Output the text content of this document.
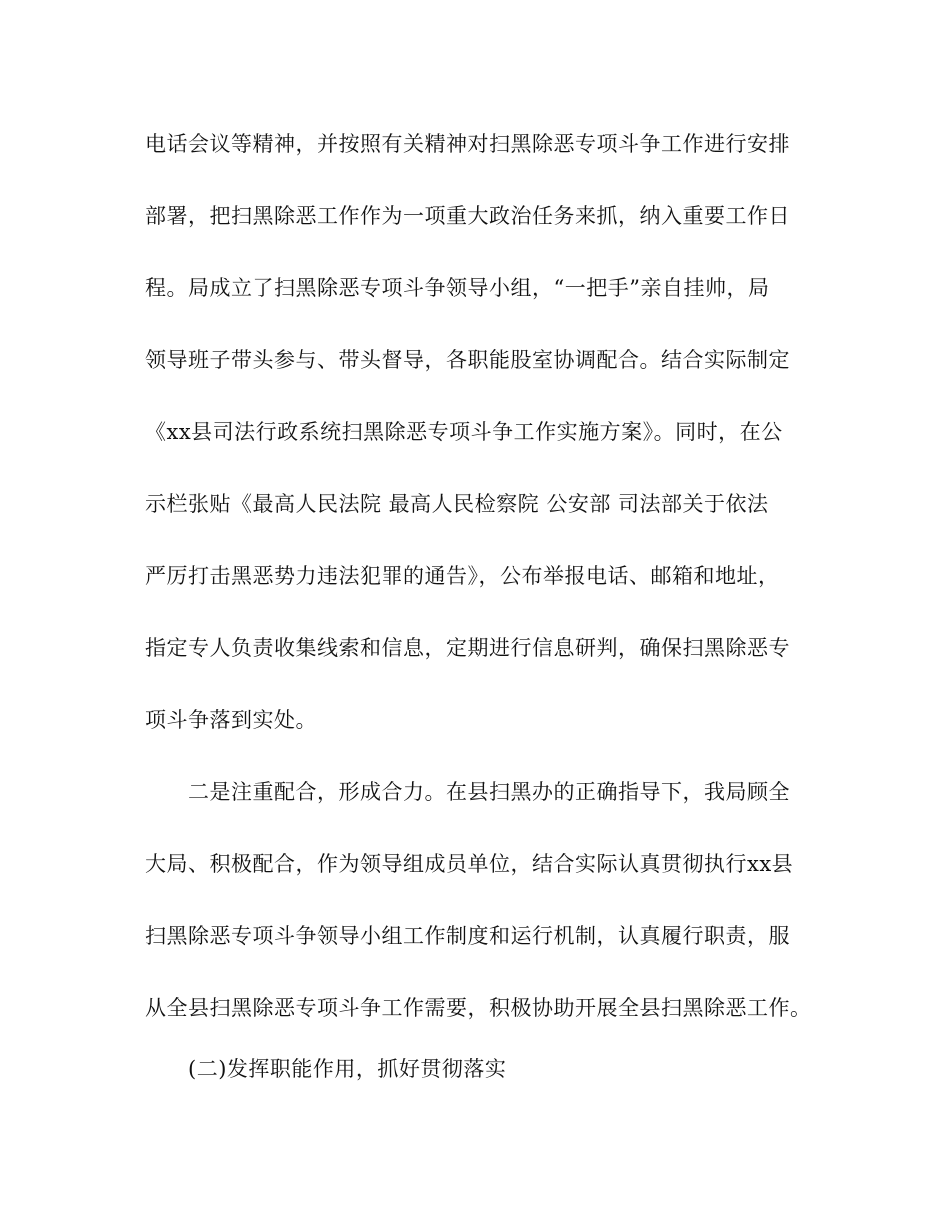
电话会议等精神，并按照有关精神对扫黑除恶专项斗争工作进行安排
部署，把扫黑除恶工作作为一项重大政治任务来抓，纳入重要工作日
程。局成立了扫黑除恶专项斗争领导小组，“一把手”亲自挂帅，局
领导班子带头参与、带头督导，各职能股室协调配合。结合实际制定
《xx县司法行政系统扫黑除恶专项斗争工作实施方案》。同时，在公
示栏张贴《最高人民法院 最高人民检察院 公安部 司法部关于依法
严厉打击黑恶势力违法犯罪的通告》，公布举报电话、邮箱和地址，
指定专人负责收集线索和信息，定期进行信息研判，确保扫黑除恶专
项斗争落到实处。
二是注重配合，形成合力。在县扫黑办的正确指导下，我局顾全
大局、积极配合，作为领导组成员单位，结合实际认真贯彻执行xx县
扫黑除恶专项斗争领导小组工作制度和运行机制，认真履行职责，服
从全县扫黑除恶专项斗争工作需要，积极协助开展全县扫黑除恶工作。
(二)发挥职能作用，抓好贯彻落实
